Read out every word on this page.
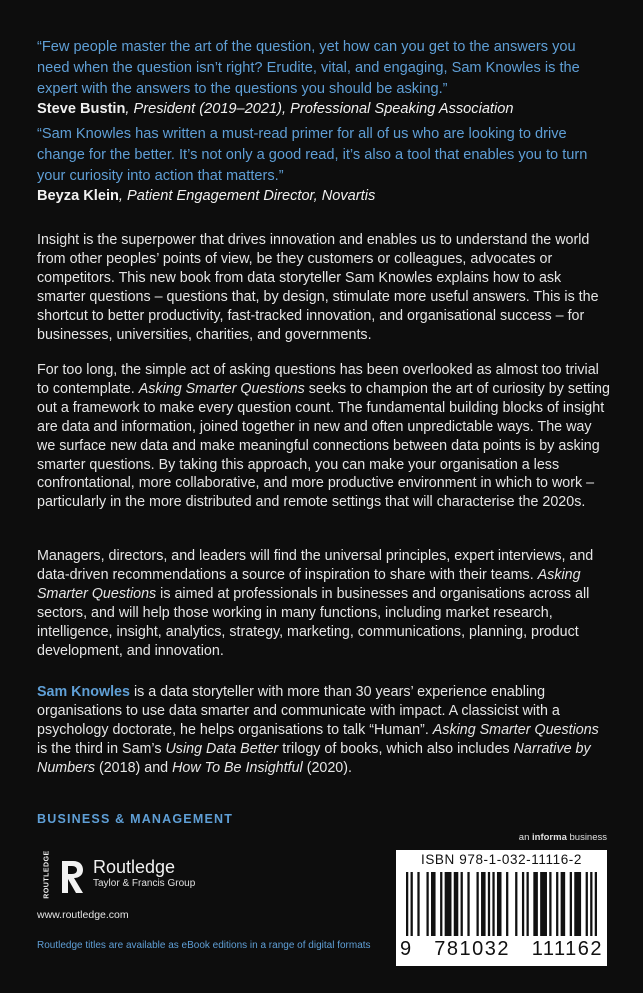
“Few people master the art of the question, yet how can you get to the answers you need when the question isn’t right? Erudite, vital, and engaging, Sam Knowles is the expert with the answers to the questions you should be asking.”
Steve Bustin, President (2019–2021), Professional Speaking Association
“Sam Knowles has written a must-read primer for all of us who are looking to drive change for the better. It’s not only a good read, it’s also a tool that enables you to turn your curiosity into action that matters.”
Beyza Klein, Patient Engagement Director, Novartis
Insight is the superpower that drives innovation and enables us to understand the world from other peoples’ points of view, be they customers or colleagues, advocates or competitors. This new book from data storyteller Sam Knowles explains how to ask smarter questions – questions that, by design, stimulate more useful answers. This is the shortcut to better productivity, fast-tracked innovation, and organisational success – for businesses, universities, charities, and governments.
For too long, the simple act of asking questions has been overlooked as almost too trivial to contemplate. Asking Smarter Questions seeks to champion the art of curiosity by setting out a framework to make every question count. The fundamental building blocks of insight are data and information, joined together in new and often unpredictable ways. The way we surface new data and make meaningful connections between data points is by asking smarter questions. By taking this approach, you can make your organisation a less confrontational, more collaborative, and more productive environment in which to work – particularly in the more distributed and remote settings that will characterise the 2020s.
Managers, directors, and leaders will find the universal principles, expert interviews, and data-driven recommendations a source of inspiration to share with their teams. Asking Smarter Questions is aimed at professionals in businesses and organisations across all sectors, and will help those working in many functions, including market research, intelligence, insight, analytics, strategy, marketing, communications, planning, product development, and innovation.
Sam Knowles is a data storyteller with more than 30 years’ experience enabling organisations to use data smarter and communicate with impact. A classicist with a psychology doctorate, he helps organisations to talk “Human”. Asking Smarter Questions is the third in Sam’s Using Data Better trilogy of books, which also includes Narrative by Numbers (2018) and How To Be Insightful (2020).
BUSINESS & MANAGEMENT
an informa business
ROUTLEDGE Routledge
Taylor & Francis Group
www.routledge.com
Routledge titles are available as eBook editions in a range of digital formats
ISBN 978-1-032-11116-2
9 781032 111162
